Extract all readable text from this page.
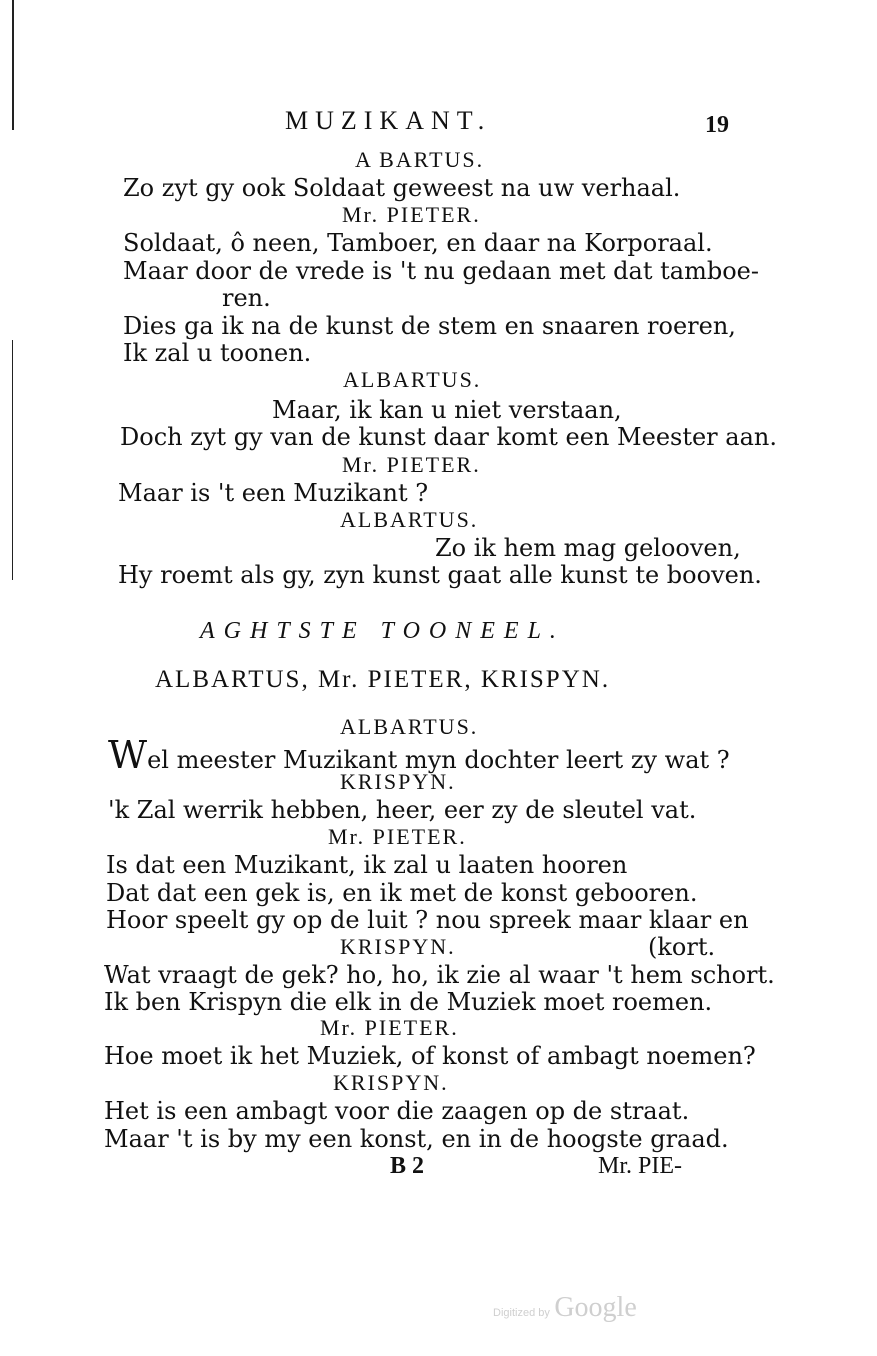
MUZIKANT.	19
A BARTUS.
Zo zyt gy ook Soldaat geweest na uw verhaal.
Mr. PIETER.
Soldaat, ô neen, Tamboer, en daar na Korporaal.
Maar door de vrede is 't nu gedaan met dat tamboe-
ren.
Dies ga ik na de kunst de stem en snaaren roeren,
Ik zal u toonen.
ALBARTUS.
Maar, ik kan u niet verstaan,
Doch zyt gy van de kunst daar komt een Meester aan.
Mr. PIETER.
Maar is 't een Muzikant ?
ALBARTUS.
Zo ik hem mag gelooven,
Hy roemt als gy, zyn kunst gaat alle kunst te booven.
AGHTSTE TOONEEL.
ALBARTUS, Mr. PIETER, KRISPYN.
ALBARTUS.
Wel meester Muzikant myn dochter leert zy wat ?
KRISPYN.
'k Zal werrik hebben, heer, eer zy de sleutel vat.
Mr. PIETER.
Is dat een Muzikant, ik zal u laaten hooren
Dat dat een gek is, en ik met de konst gebooren.
Hoor speelt gy op de luit ? nou spreek maar klaar en
KRISPYN.	(kort.
Wat vraagt de gek? ho, ho, ik zie al waar 't hem schort.
Ik ben Krispyn die elk in de Muziek moet roemen.
Mr. PIETER.
Hoe moet ik het Muziek, of konst of ambagt noemen?
KRISPYN.
Het is een ambagt voor die zaagen op de straat.
Maar 't is by my een konst, en in de hoogste graad.
B 2	Mr. PIE-
Digitized by Google
